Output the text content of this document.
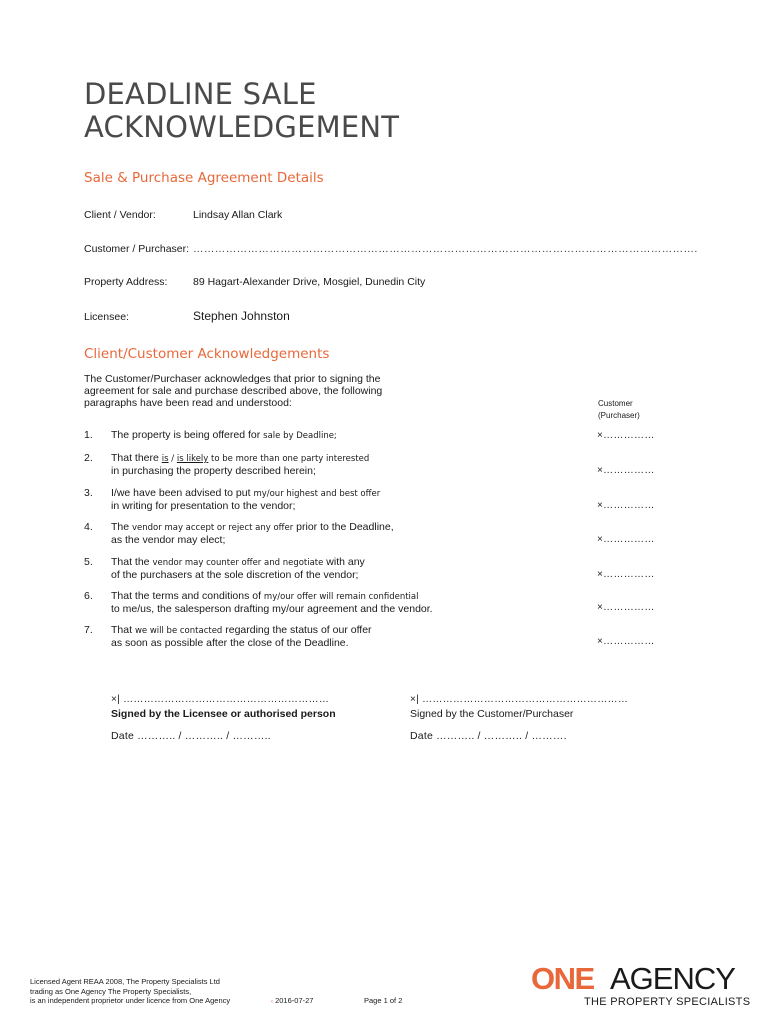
DEADLINE SALE
ACKNOWLEDGEMENT
Sale & Purchase Agreement Details
Client / Vendor:	Lindsay Allan Clark
Customer / Purchaser: ………………………………………………………………………………………………………………………….
Property Address: 89 Hagart-Alexander Drive, Mosgiel, Dunedin City
Licensee:	Stephen Johnston
Client/Customer Acknowledgements
The Customer/Purchaser acknowledges that prior to signing the agreement for sale and purchase described above, the following paragraphs have been read and understood:	Customer
(Purchaser)
1. The property is being offered for sale by Deadline;	×……………
2. That there is / is likely to be more than one party interested
in purchasing the property described herein;	×……………
3. I/we have been advised to put my/our highest and best offer
in writing for presentation to the vendor;	×……………
4. The vendor may accept or reject any offer prior to the Deadline,
as the vendor may elect;	×……………
5. That the vendor may counter offer and negotiate with any
of the purchasers at the sole discretion of the vendor;	×……………
6. That the terms and conditions of my/our offer will remain confidential
to me/us, the salesperson drafting my/our agreement and the vendor.	×……………
7. That we will be contacted regarding the status of our offer
as soon as possible after the close of the Deadline.	×……………
×| ……………………………………………………
Signed by the Licensee or authorised person
Date ……….. / ……….. / ………..
×| ……………………………………………………
Signed by the Customer/Purchaser
Date ……….. / ……….. / ……….
Licensed Agent REAA 2008, The Property Specialists Ltd
trading as One Agency The Property Specialists,
is an independent proprietor under licence from One Agency	‹ 2016-07-27	Page 1 of 2
ONE AGENCY
THE PROPERTY SPECIALISTS
